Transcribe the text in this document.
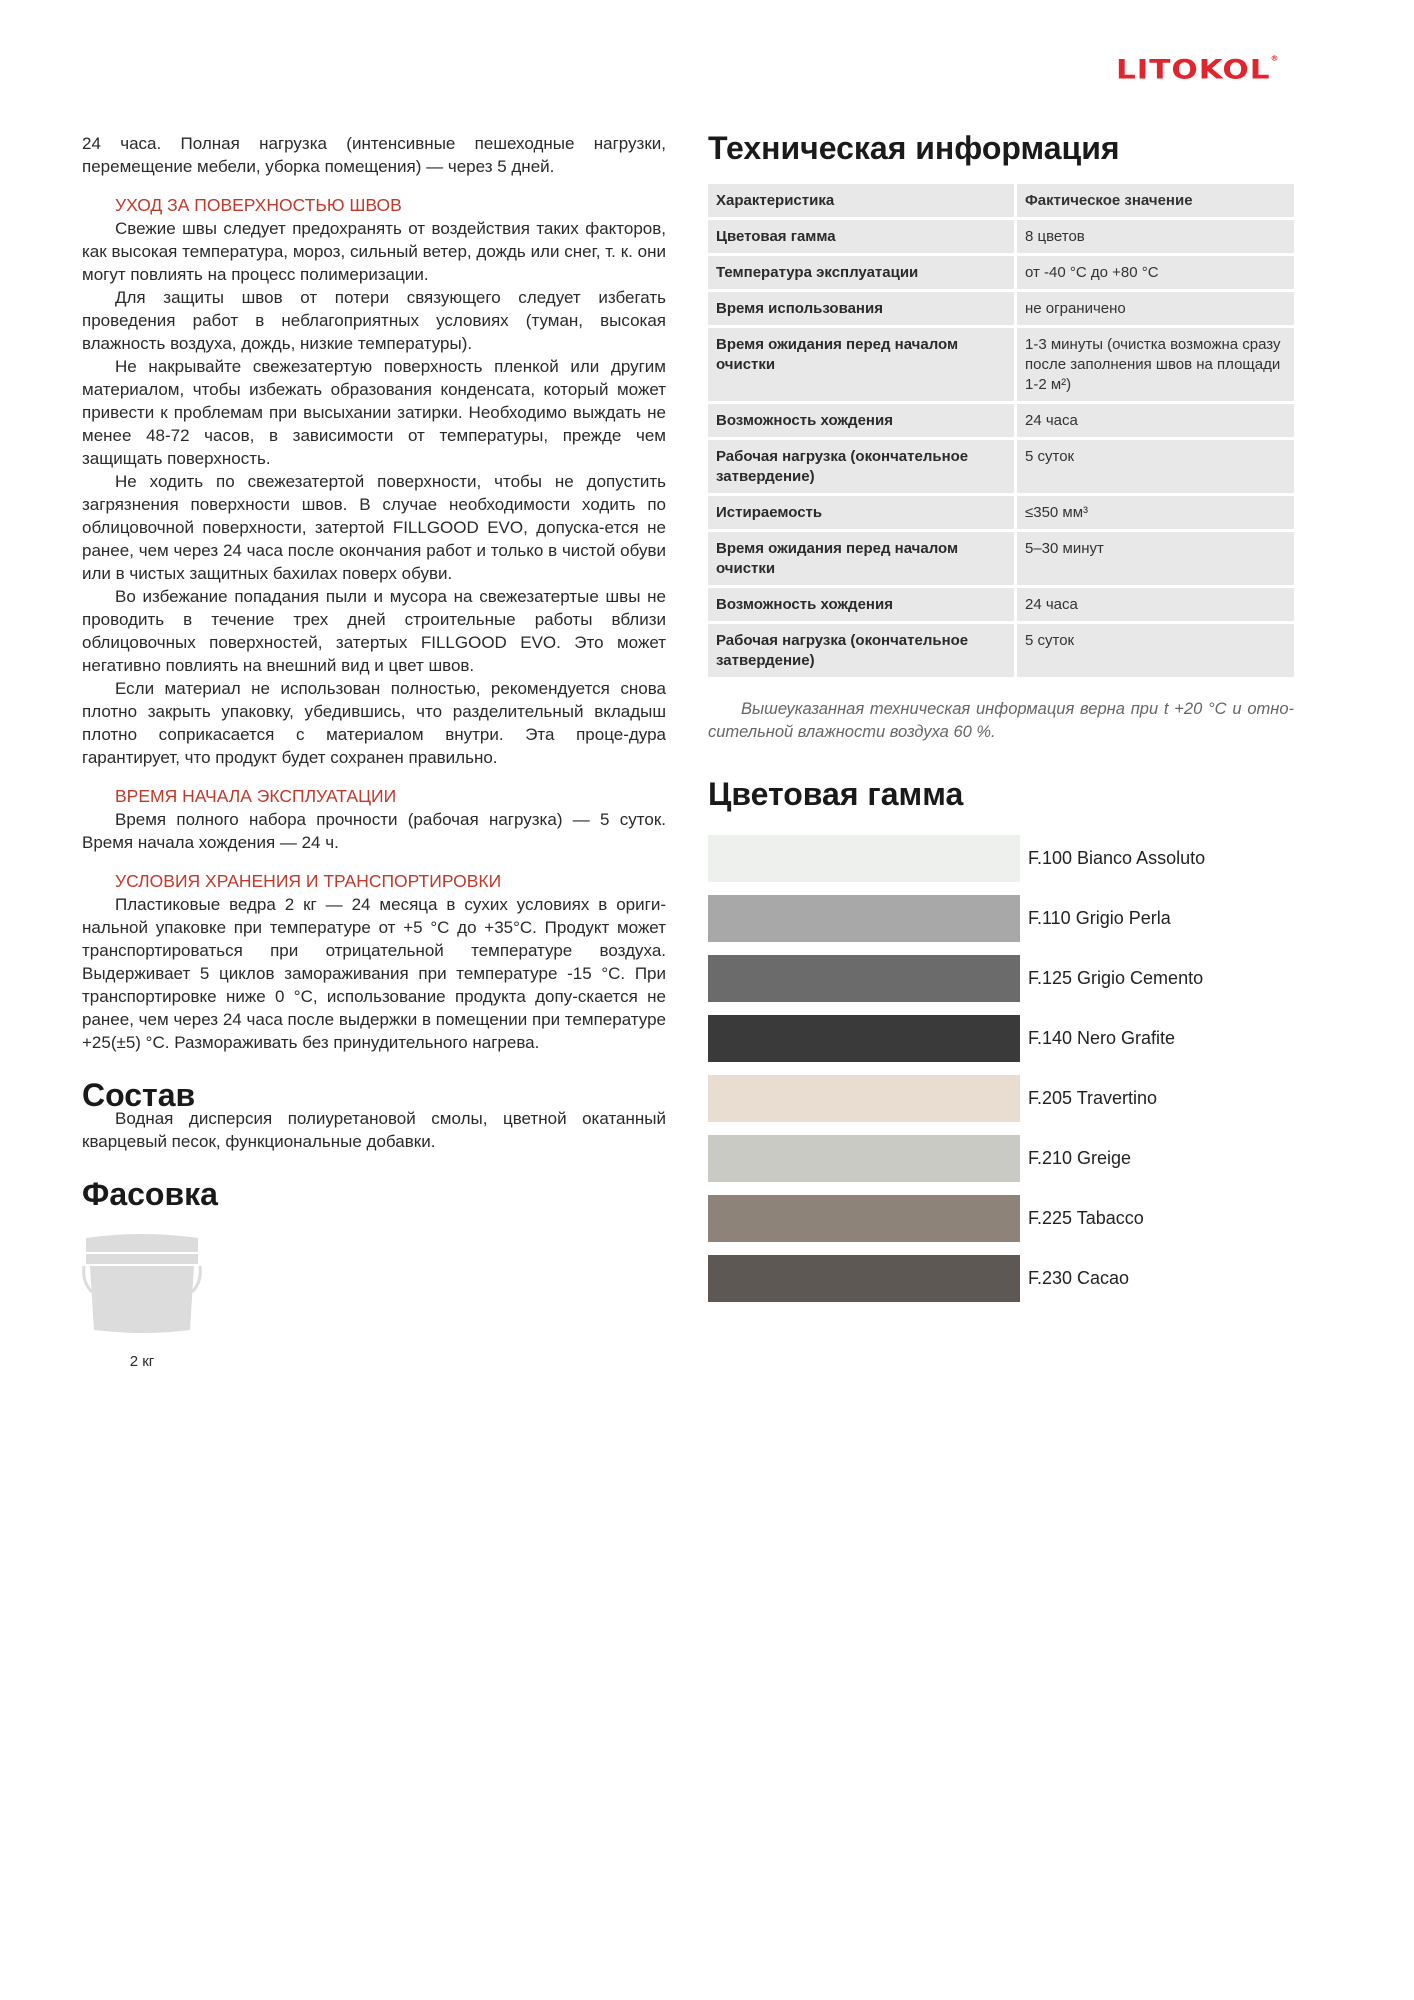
LITOKOL®

24 часа. Полная нагрузка (интенсивные пешеходные нагрузки, перемещение мебели, уборка помещения) — через 5 дней.

УХОД ЗА ПОВЕРХНОСТЬЮ ШВОВ

Свежие швы следует предохранять от воздействия таких факторов, как высокая температура, мороз, сильный ветер, дождь или снег, т. к. они могут повлиять на процесс полимеризации.

Для защиты швов от потери связующего следует избегать проведения работ в неблагоприятных условиях (туман, высокая влажность воздуха, дождь, низкие температуры).

Не накрывайте свежезатертую поверхность пленкой или другим материалом, чтобы избежать образования конденсата, который может привести к проблемам при высыхании затирки. Необходимо выждать не менее 48-72 часов, в зависимости от температуры, прежде чем защищать поверхность.

Не ходить по свежезатертой поверхности, чтобы не допустить загрязнения поверхности швов. В случае необходимости ходить по облицовочной поверхности, затертой FILLGOOD EVO, допуска-ется не ранее, чем через 24 часа после окончания работ и только в чистой обуви или в чистых защитных бахилах поверх обуви.

Во избежание попадания пыли и мусора на свежезатертые швы не проводить в течение трех дней строительные работы вблизи облицовочных поверхностей, затертых FILLGOOD EVO. Это может негативно повлиять на внешний вид и цвет швов.

Если материал не использован полностью, рекомендуется снова плотно закрыть упаковку, убедившись, что разделительный вкладыш плотно соприкасается с материалом внутри. Эта проце-дура гарантирует, что продукт будет сохранен правильно.

ВРЕМЯ НАЧАЛА ЭКСПЛУАТАЦИИ

Время полного набора прочности (рабочая нагрузка) — 5 суток. Время начала хождения — 24 ч.

УСЛОВИЯ ХРАНЕНИЯ И ТРАНСПОРТИРОВКИ

Пластиковые ведра 2 кг — 24 месяца в сухих условиях в ориги-нальной упаковке при температуре от +5 °С до +35°С. Продукт может транспортироваться при отрицательной температуре воздуха. Выдерживает 5 циклов замораживания при температуре -15 °С. При транспортировке ниже 0 °С, использование продукта допу-скается не ранее, чем через 24 часа после выдержки в помещении при температуре +25(±5) °С. Размораживать без принудительного нагрева.

Состав

Водная дисперсия полиуретановой смолы, цветной окатанный кварцевый песок, функциональные добавки.

Фасовка
2 кг
Техническая информация
Характеристика	Фактическое значение
Цветовая гамма	8 цветов
Температура эксплуатации	от -40 °С до +80 °С
Время использования	не ограничено
Время ожидания перед началом очистки	1-3 минуты (очистка возможна сразу после заполнения швов на площади 1-2 м²)
Возможность хождения	24 часа
Рабочая нагрузка (окончательное затвердение)	5 суток
Истираемость	≤350 мм³
Время ожидания перед началом очистки	5–30 минут
Возможность хождения	24 часа
Рабочая нагрузка (окончательное затвердение)	5 суток

Вышеуказанная техническая информация верна при t +20 °С и отно-сительной влажности воздуха 60 %.

Цветовая гамма
F.100 Bianco Assoluto
F.110 Grigio Perla
F.125 Grigio Cemento
F.140 Nero Grafite
F.205 Travertino
F.210 Greige
F.225 Tabacco
F.230 Cacao
